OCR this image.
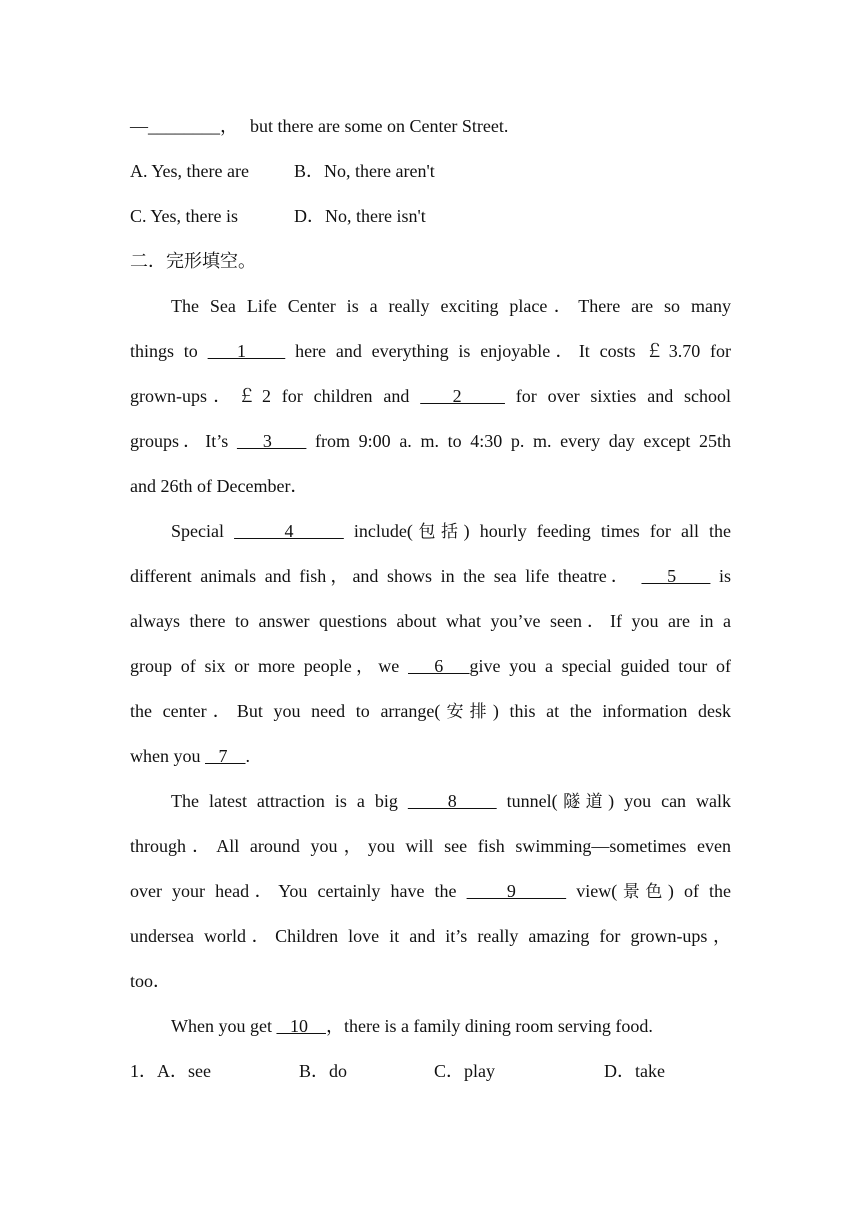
—________， but there are some on Center Street.
A. Yes, there are	B．No, there aren't
C. Yes, there is	D．No, there isn't
二．完形填空。
The Sea Life Center is a really exciting place．There are so many
things to    1     here and everything is enjoyable．It costs ￡3.70 for
grown-ups．￡2 for children and    2     for over sixties and school
groups．It’s    3     from 9:00 a. m. to 4:30 p. m. every day except 25th
and 26th of December．
Special      4      include(包括) hourly feeding times for all the
different animals and fish，and shows in the sea life theatre．    5     is
always there to answer questions about what you’ve seen．If you are in a
group of six or more people，we    6   give you a special guided tour of
the center．But you need to arrange(安排) this at the information desk
when you    7    .
The latest attraction is a big     8     tunnel(隧道) you can walk
through．All around you，you will see fish swimming—sometimes even
over your head．You certainly have the     9      view(景色) of the
undersea world．Children love it and it’s really amazing for grown-ups，
too．
When you get    10    ，there is a family dining room serving food.
1．A．see	B．do	C．play	D．take
